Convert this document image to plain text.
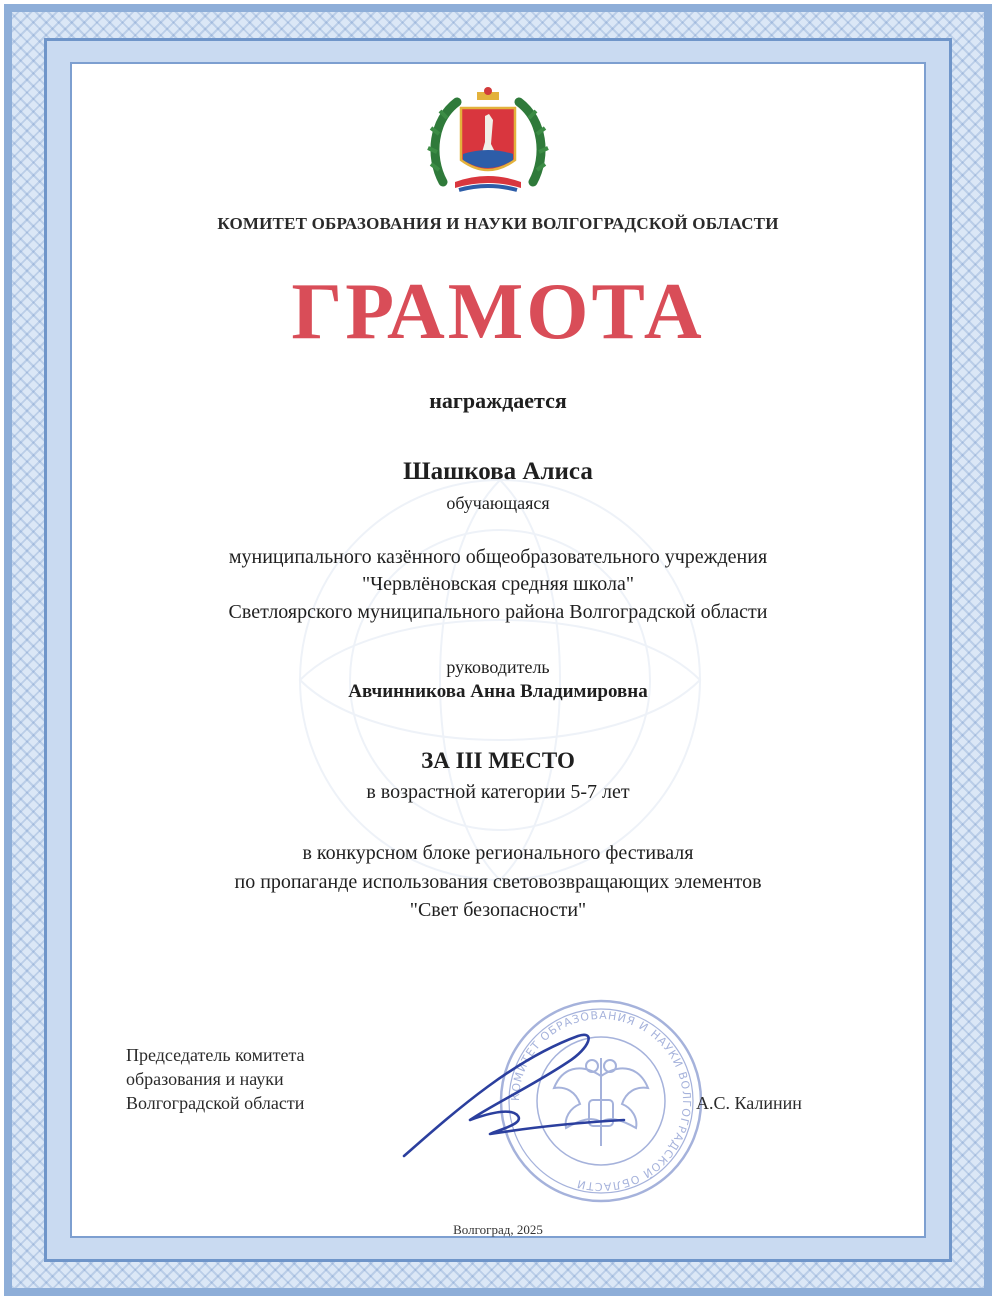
КОМИТЕТ ОБРАЗОВАНИЯ И НАУКИ ВОЛГОГРАДСКОЙ ОБЛАСТИ
ГРАМОТА
награждается
Шашкова Алиса
обучающаяся
муниципального казённого общеобразовательного учреждения
"Червлёновская средняя школа"
Светлоярского муниципального района Волгоградской области
руководитель
Авчинникова Анна Владимировна
ЗА III МЕСТО
в возрастной категории 5-7 лет
в конкурсном блоке регионального фестиваля
по пропаганде использования световозвращающих элементов
"Свет безопасности"
Председатель комитета
образования и науки
Волгоградской области	КОМИТЕТ ОБРАЗОВАНИЯ И НАУКИ ВОЛГОГРАДСКОЙ ОБЛАСТИ
А.С. Калинин
Волгоград, 2025
